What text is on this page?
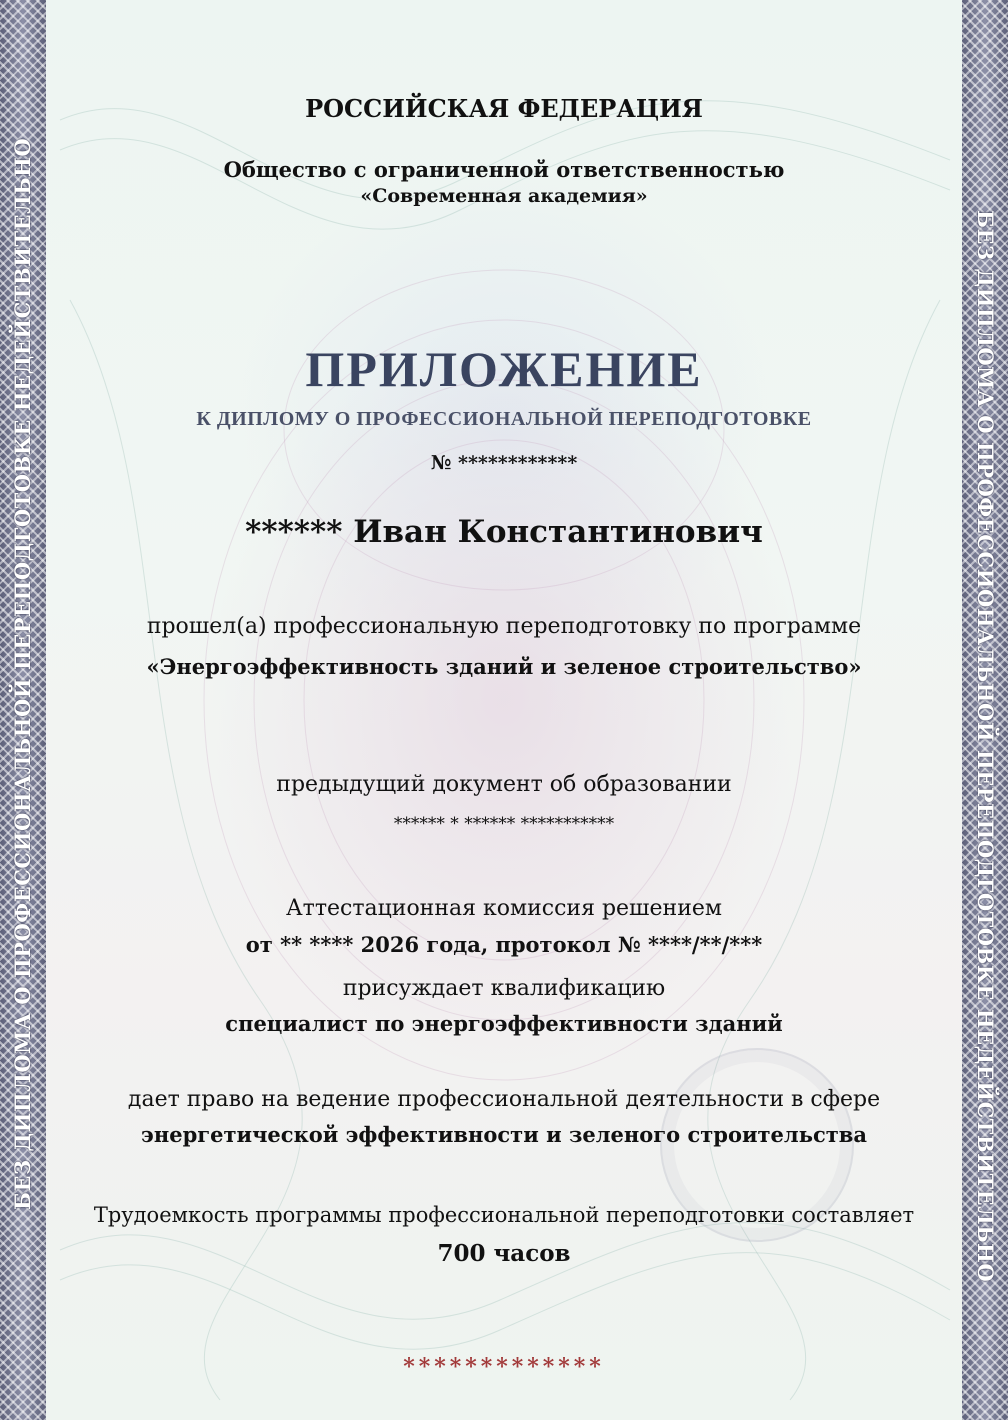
БЕЗ ДИПЛОМА О ПРОФЕССИОНАЛЬНОЙ ПЕРЕПОДГОТОВКЕ НЕДЕЙСТВИТЕЛЬНО	БЕЗ ДИПЛОМА О ПРОФЕССИОНАЛЬНОЙ ПЕРЕПОДГОТОВКЕ НЕДЕЙСТВИТЕЛЬНО
РОССИЙСКАЯ ФЕДЕРАЦИЯ
Общество с ограниченной ответственностью
«Современная академия»
ПРИЛОЖЕНИЕ
К ДИПЛОМУ О ПРОФЕССИОНАЛЬНОЙ ПЕРЕПОДГОТОВКЕ
№ ************
****** Иван Константинович
прошел(а) профессиональную переподготовку по программе
«Энергоэффективность зданий и зеленое строительство»
предыдущий документ об образовании
****** * ****** ***********
Аттестационная комиссия решением
от ** **** 2026 года, протокол № ****/**/***
присуждает квалификацию
специалист по энергоэффективности зданий
дает право на ведение профессиональной деятельности в сфере
энергетической эффективности и зеленого строительства
Трудоемкость программы профессиональной переподготовки составляет
700 часов
*************
